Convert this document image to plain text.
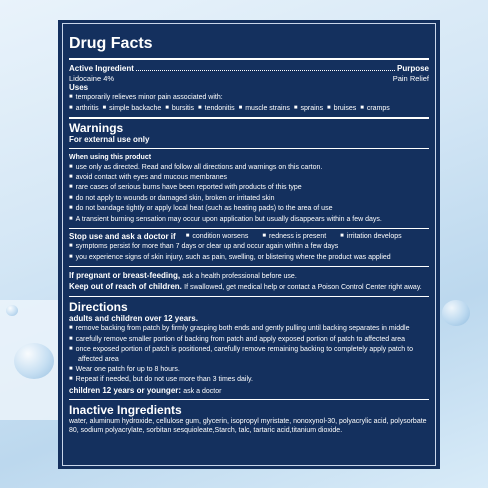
Drug Facts
Active Ingredient	Purpose
Lidocaine 4%	Pain Relief
Uses
■ temporarily relieves minor pain associated with:
■ arthritis ■ simple backache ■ bursitis ■ tendonitis ■ muscle strains ■ sprains ■ bruises ■ cramps
Warnings
For external use only
When using this product
■ use only as directed. Read and follow all directions and warnings on this carton.
■ avoid contact with eyes and mucous membranes
■ rare cases of serious burns have been reported with products of this type
■ do not apply to wounds or damaged skin, broken or irritated skin
■ do not bandage tightly or apply local heat (such as heating pads) to the area of use
■ A transient burning sensation may occur upon application but usually disappears within a few days.
Stop use and ask a doctor if	■ condition worsens	■ redness is present	■ irritation develops
■ symptoms persist for more than 7 days or clear up and occur again within a few days
■ you experience signs of skin injury, such as pain, swelling, or blistering where the product was applied
If pregnant or breast-feeding, ask a health professional before use.
Keep out of reach of children. If swallowed, get medical help or contact a Poison Control Center right away.
Directions
adults and children over 12 years.
■ remove backing from patch by firmly grasping both ends and gently pulling until backing separates in middle
■ carefully remove smaller portion of backing from patch and apply exposed portion of patch to affected area
■ once exposed portion of patch is positioned, carefully remove remaining backing to completely apply patch to affected area
■ Wear one patch for up to 8 hours.
■ Repeat if needed, but do not use more than 3 times daily.
children 12 years or younger: ask a doctor
Inactive Ingredients
water, aluminum hydroxide, cellulose gum, glycerin, isopropyl myristate, nonoxynol-30, polyacrylic acid, polysorbate 80, sodium polyacrylate, sorbitan sesquioleate,Starch, talc, tartaric acid,titanium dioxide.
